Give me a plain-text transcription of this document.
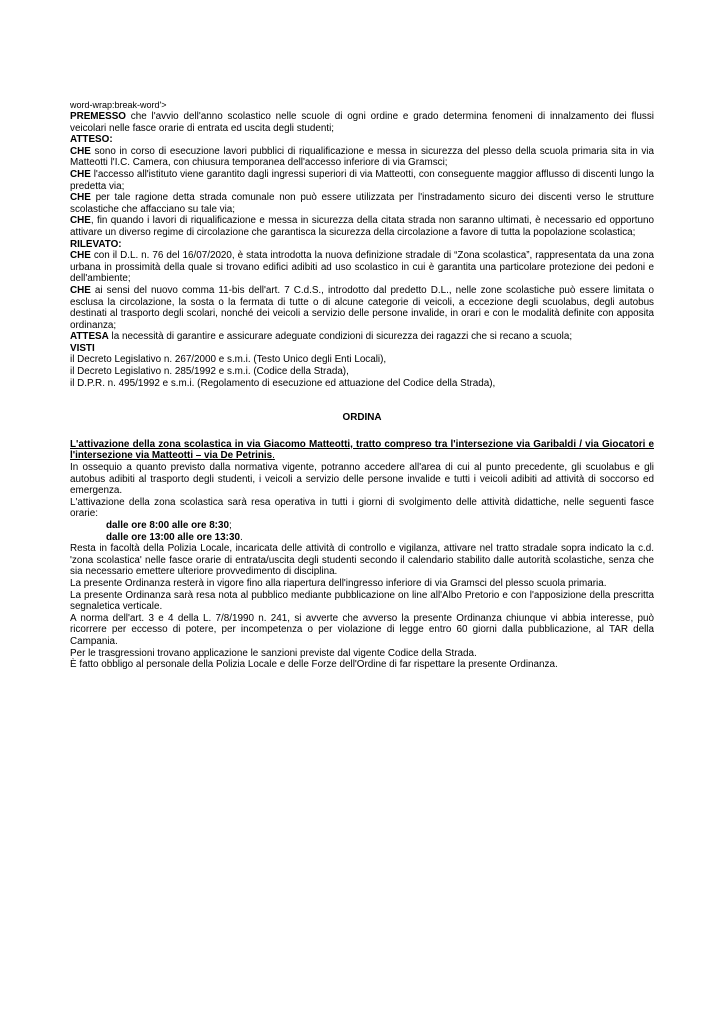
word-wrap:break-word'>

PREMESSO che l'avvio dell'anno scolastico nelle scuole di ogni ordine e grado determina fenomeni di innalzamento dei flussi veicolari nelle fasce orarie di entrata ed uscita degli studenti;

ATTESO:

CHE sono in corso di esecuzione lavori pubblici di riqualificazione e messa in sicurezza del plesso della scuola primaria sita in via Matteotti l'I.C. Camera, con chiusura temporanea dell'accesso inferiore di via Gramsci;

CHE l'accesso all'istituto viene garantito dagli ingressi superiori di via Matteotti, con conseguente maggior afflusso di discenti lungo la predetta via;

CHE per tale ragione detta strada comunale non può essere utilizzata per l'instradamento sicuro dei discenti verso le strutture scolastiche che affacciano su tale via;

CHE, fin quando i lavori di riqualificazione e messa in sicurezza della citata strada non saranno ultimati, è necessario ed opportuno attivare un diverso regime di circolazione che garantisca la sicurezza della circolazione a favore di tutta la popolazione scolastica;

RILEVATO:

CHE con il D.L. n. 76 del 16/07/2020, è stata introdotta la nuova definizione stradale di “Zona scolastica”, rappresentata da una zona urbana in prossimità della quale si trovano edifici adibiti ad uso scolastico in cui è garantita una particolare protezione dei pedoni e dell'ambiente;

CHE ai sensi del nuovo comma 11-bis dell'art. 7 C.d.S., introdotto dal predetto D.L., nelle zone scolastiche può essere limitata o esclusa la circolazione, la sosta o la fermata di tutte o di alcune categorie di veicoli, a eccezione degli scuolabus, degli autobus destinati al trasporto degli scolari, nonché dei veicoli a servizio delle persone invalide, in orari e con le modalità definite con apposita ordinanza;

ATTESA la necessità di garantire e assicurare adeguate condizioni di sicurezza dei ragazzi che si recano a scuola;

VISTI

il Decreto Legislativo n. 267/2000 e s.m.i. (Testo Unico degli Enti Locali),

il Decreto Legislativo n. 285/1992 e s.m.i. (Codice della Strada),

il D.P.R. n. 495/1992 e s.m.i. (Regolamento di esecuzione ed attuazione del Codice della Strada),

ORDINA

L'attivazione della zona scolastica in via Giacomo Matteotti, tratto compreso tra l'intersezione via Garibaldi / via Giocatori e l'intersezione via Matteotti – via De Petrinis.

In ossequio a quanto previsto dalla normativa vigente, potranno accedere all'area di cui al punto precedente, gli scuolabus e gli autobus adibiti al trasporto degli studenti, i veicoli a servizio delle persone invalide e tutti i veicoli adibiti ad attività di soccorso ed emergenza.

L'attivazione della zona scolastica sarà resa operativa in tutti i giorni di svolgimento delle attività didattiche, nelle seguenti fasce orarie:

dalle ore 8:00 alle ore 8:30;

dalle ore 13:00 alle ore 13:30.

Resta in facoltà della Polizia Locale, incaricata delle attività di controllo e vigilanza, attivare nel tratto stradale sopra indicato la c.d. 'zona scolastica' nelle fasce orarie di entrata/uscita degli studenti secondo il calendario stabilito dalle autorità scolastiche, senza che sia necessario emettere ulteriore provvedimento di disciplina.

La presente Ordinanza resterà in vigore fino alla riapertura dell'ingresso inferiore di via Gramsci del plesso scuola primaria.

La presente Ordinanza sarà resa nota al pubblico mediante pubblicazione on line all'Albo Pretorio e con l'apposizione della prescritta segnaletica verticale.

A norma dell'art. 3 e 4 della L. 7/8/1990 n. 241, si avverte che avverso la presente Ordinanza chiunque vi abbia interesse, può ricorrere per eccesso di potere, per incompetenza o per violazione di legge entro 60 giorni dalla pubblicazione, al TAR della Campania.

Per le trasgressioni trovano applicazione le sanzioni previste dal vigente Codice della Strada.

È fatto obbligo al personale della Polizia Locale e delle Forze dell'Ordine di far rispettare la presente Ordinanza.
